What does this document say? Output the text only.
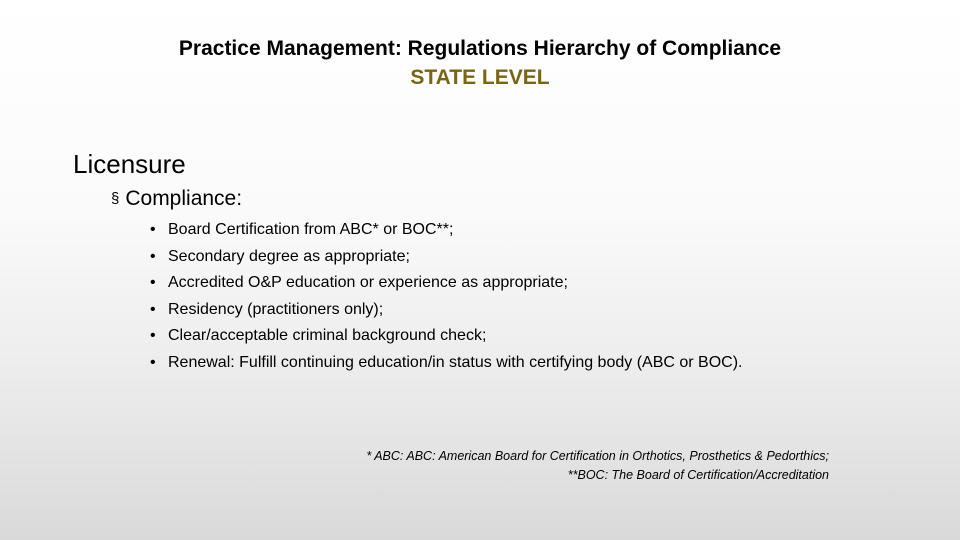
Practice Management: Regulations Hierarchy of Compliance
STATE LEVEL
Licensure
§ Compliance:
• Board Certification from ABC* or BOC**;
• Secondary degree as appropriate;
• Accredited O&P education or experience as appropriate;
• Residency (practitioners only);
• Clear/acceptable criminal background check;
• Renewal: Fulfill continuing education/in status with certifying body (ABC or BOC).
* ABC: ABC: American Board for Certification in Orthotics, Prosthetics & Pedorthics;
**BOC: The Board of Certification/Accreditation
